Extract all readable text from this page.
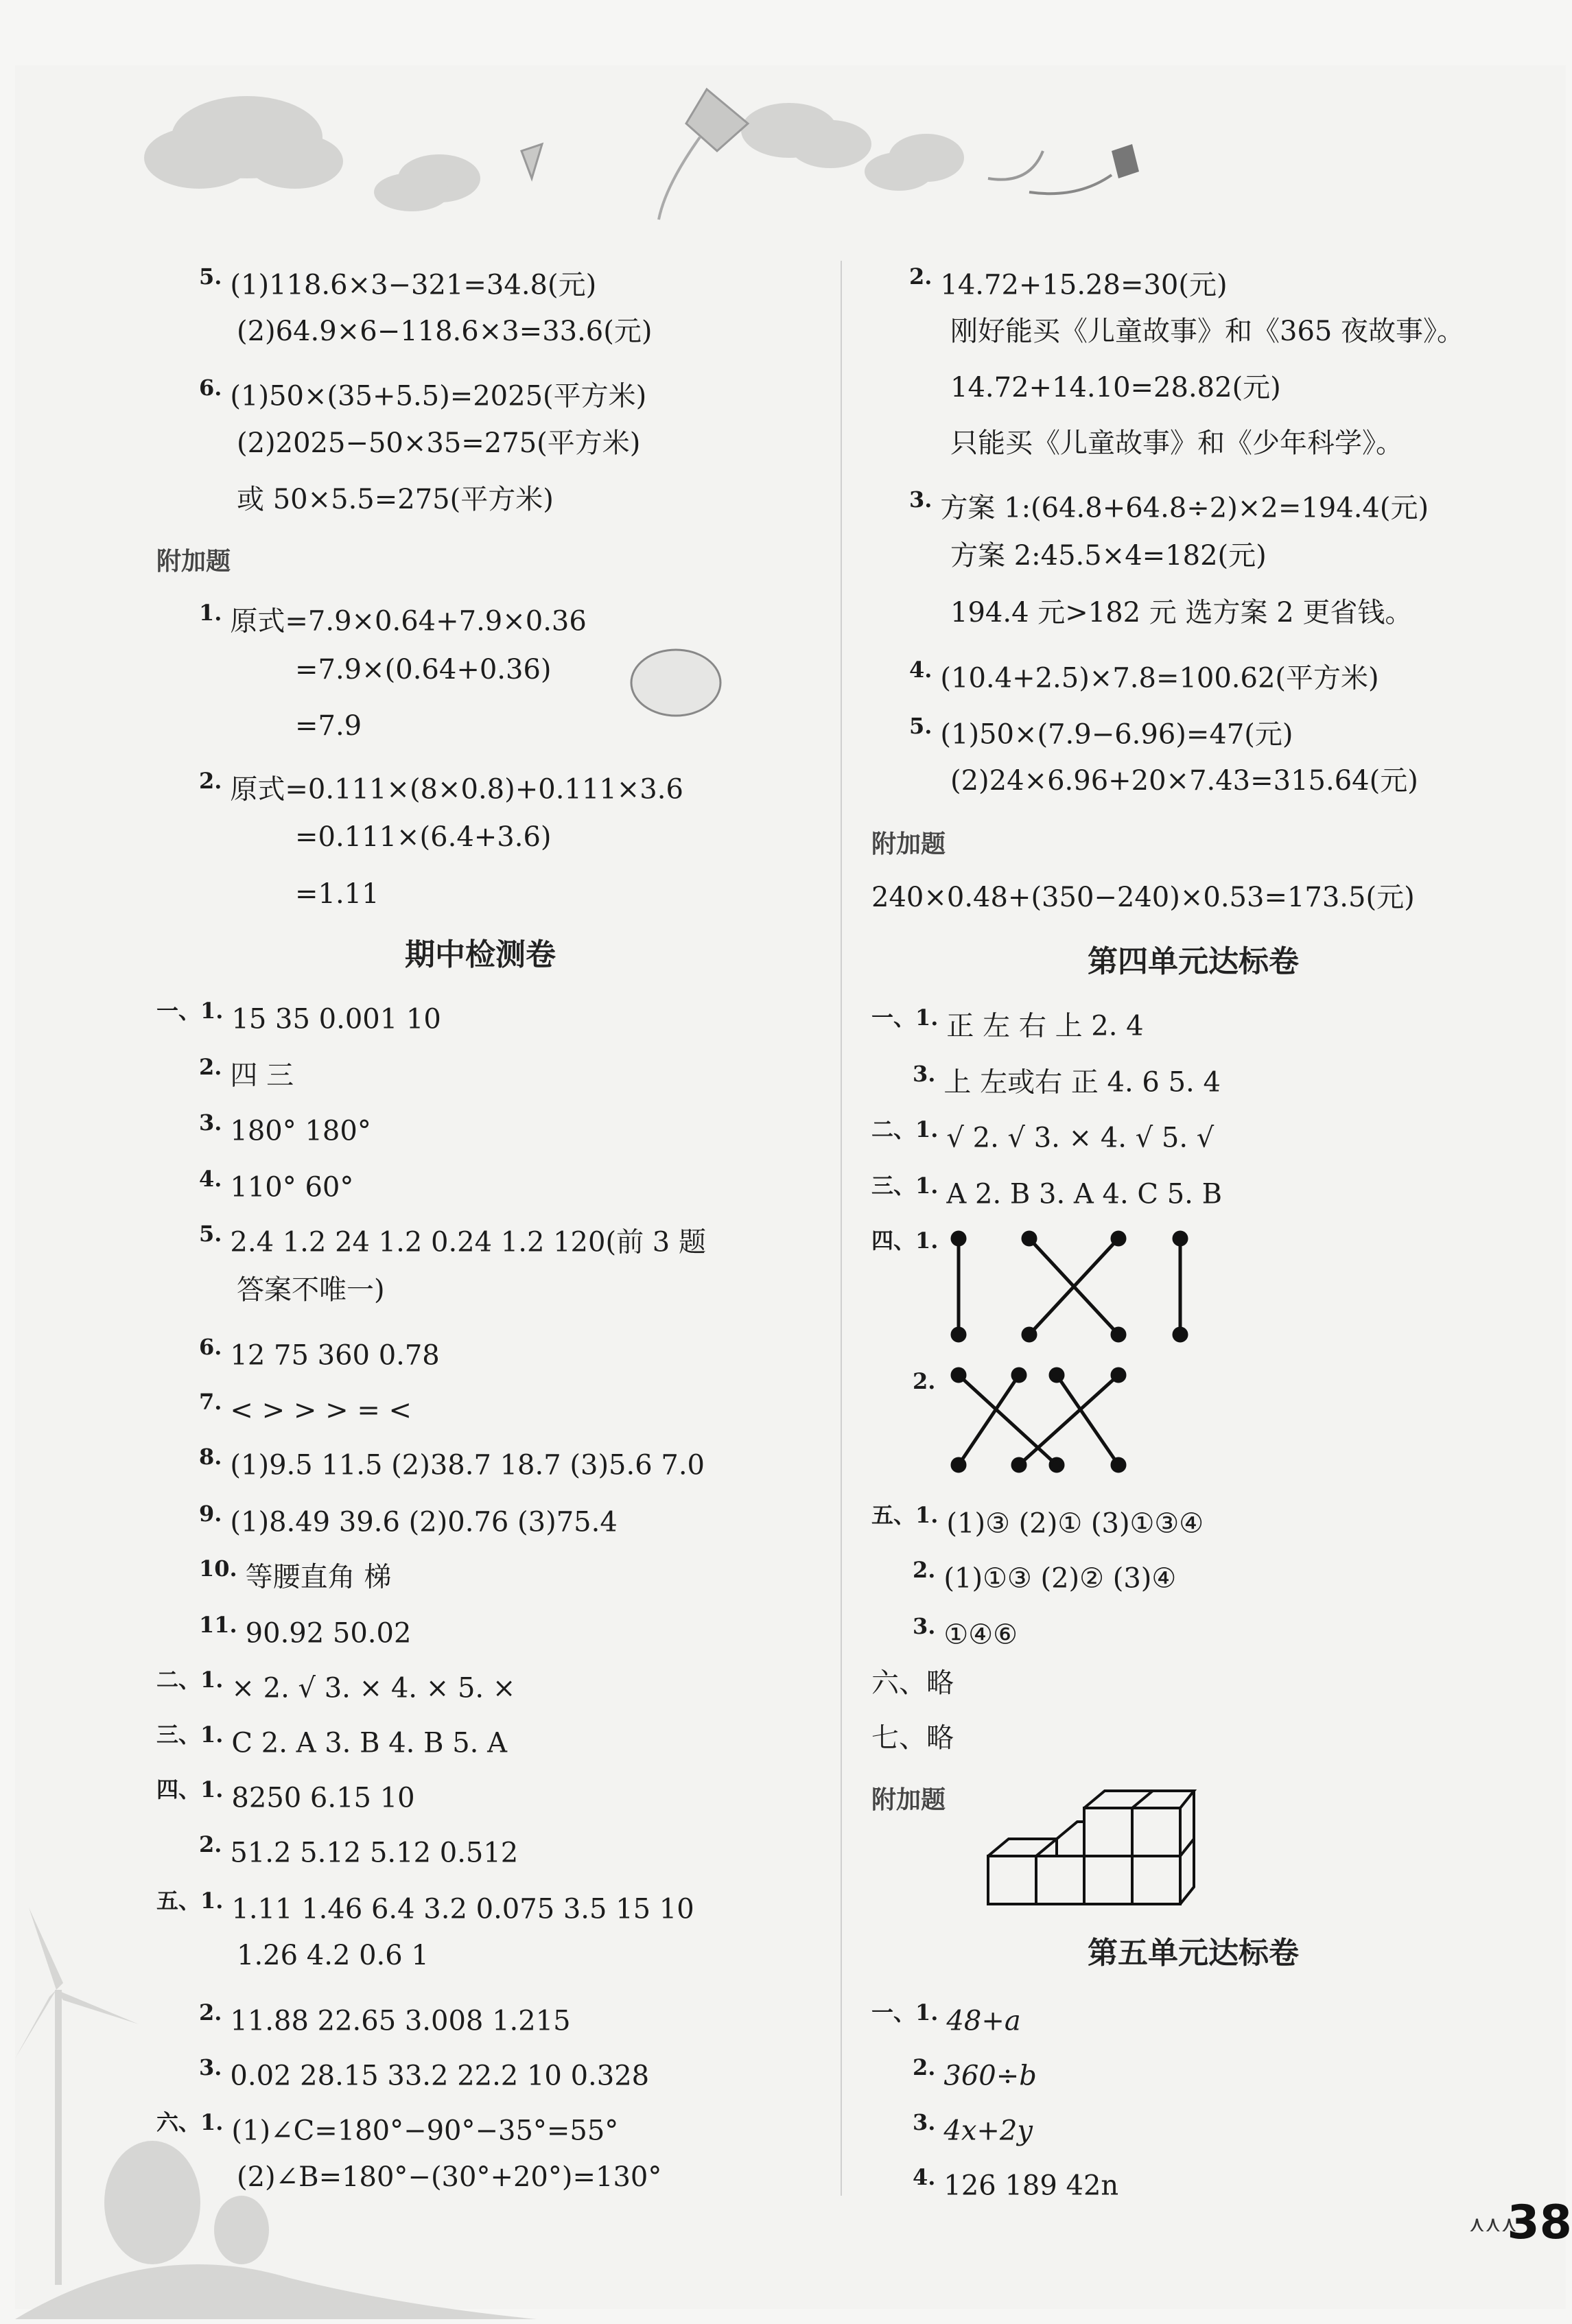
5. (1)118.6×3−321=34.8(元)
(2)64.9×6−118.6×3=33.6(元)
6. (1)50×(35+5.5)=2025(平方米)
(2)2025−50×35=275(平方米)
或 50×5.5=275(平方米)
附加题
1. 原式=7.9×0.64+7.9×0.36
=7.9×(0.64+0.36)
=7.9
2. 原式=0.111×(8×0.8)+0.111×3.6
=0.111×(6.4+3.6)
=1.11
期中检测卷
一、1. 15 35 0.001 10
2. 四 三
3. 180° 180°
4. 110° 60°
5. 2.4 1.2 24 1.2 0.24 1.2 120(前 3 题
答案不唯一)
6. 12 75 360 0.78
7. < > > > = <
8. (1)9.5 11.5 (2)38.7 18.7 (3)5.6 7.0
9. (1)8.49 39.6 (2)0.76 (3)75.4
10. 等腰直角 梯
11. 90.92 50.02
二、1. × 2. √ 3. × 4. × 5. ×
三、1. C 2. A 3. B 4. B 5. A
四、1. 8250 6.15 10
2. 51.2 5.12 5.12 0.512
五、1. 1.11 1.46 6.4 3.2 0.075 3.5 15 10
1.26 4.2 0.6 1
2. 11.88 22.65 3.008 1.215
3. 0.02 28.15 33.2 22.2 10 0.328
六、1. (1)∠C=180°−90°−35°=55°
(2)∠B=180°−(30°+20°)=130°
2. 14.72+15.28=30(元)
刚好能买《儿童故事》和《365 夜故事》。
14.72+14.10=28.82(元)
只能买《儿童故事》和《少年科学》。
3. 方案 1:(64.8+64.8÷2)×2=194.4(元)
方案 2:45.5×4=182(元)
194.4 元>182 元 选方案 2 更省钱。
4. (10.4+2.5)×7.8=100.62(平方米)
5. (1)50×(7.9−6.96)=47(元)
(2)24×6.96+20×7.43=315.64(元)
附加题
240×0.48+(350−240)×0.53=173.5(元)
第四单元达标卷
一、1. 正 左 右 上 2. 4
3. 上 左或右 正 4. 6 5. 4
二、1. √ 2. √ 3. × 4. √ 5. √
三、1. A 2. B 3. A 4. C 5. B
四、1.
2.
五、1. (1)③ (2)① (3)①③④
2. (1)①③ (2)② (3)④
3. ①④⑥
六、略
七、略
附加题
第五单元达标卷
一、1. 48+a
2. 360÷b
3. 4x+2y
4. 126 189 42n
⋏⋏⋏
38
